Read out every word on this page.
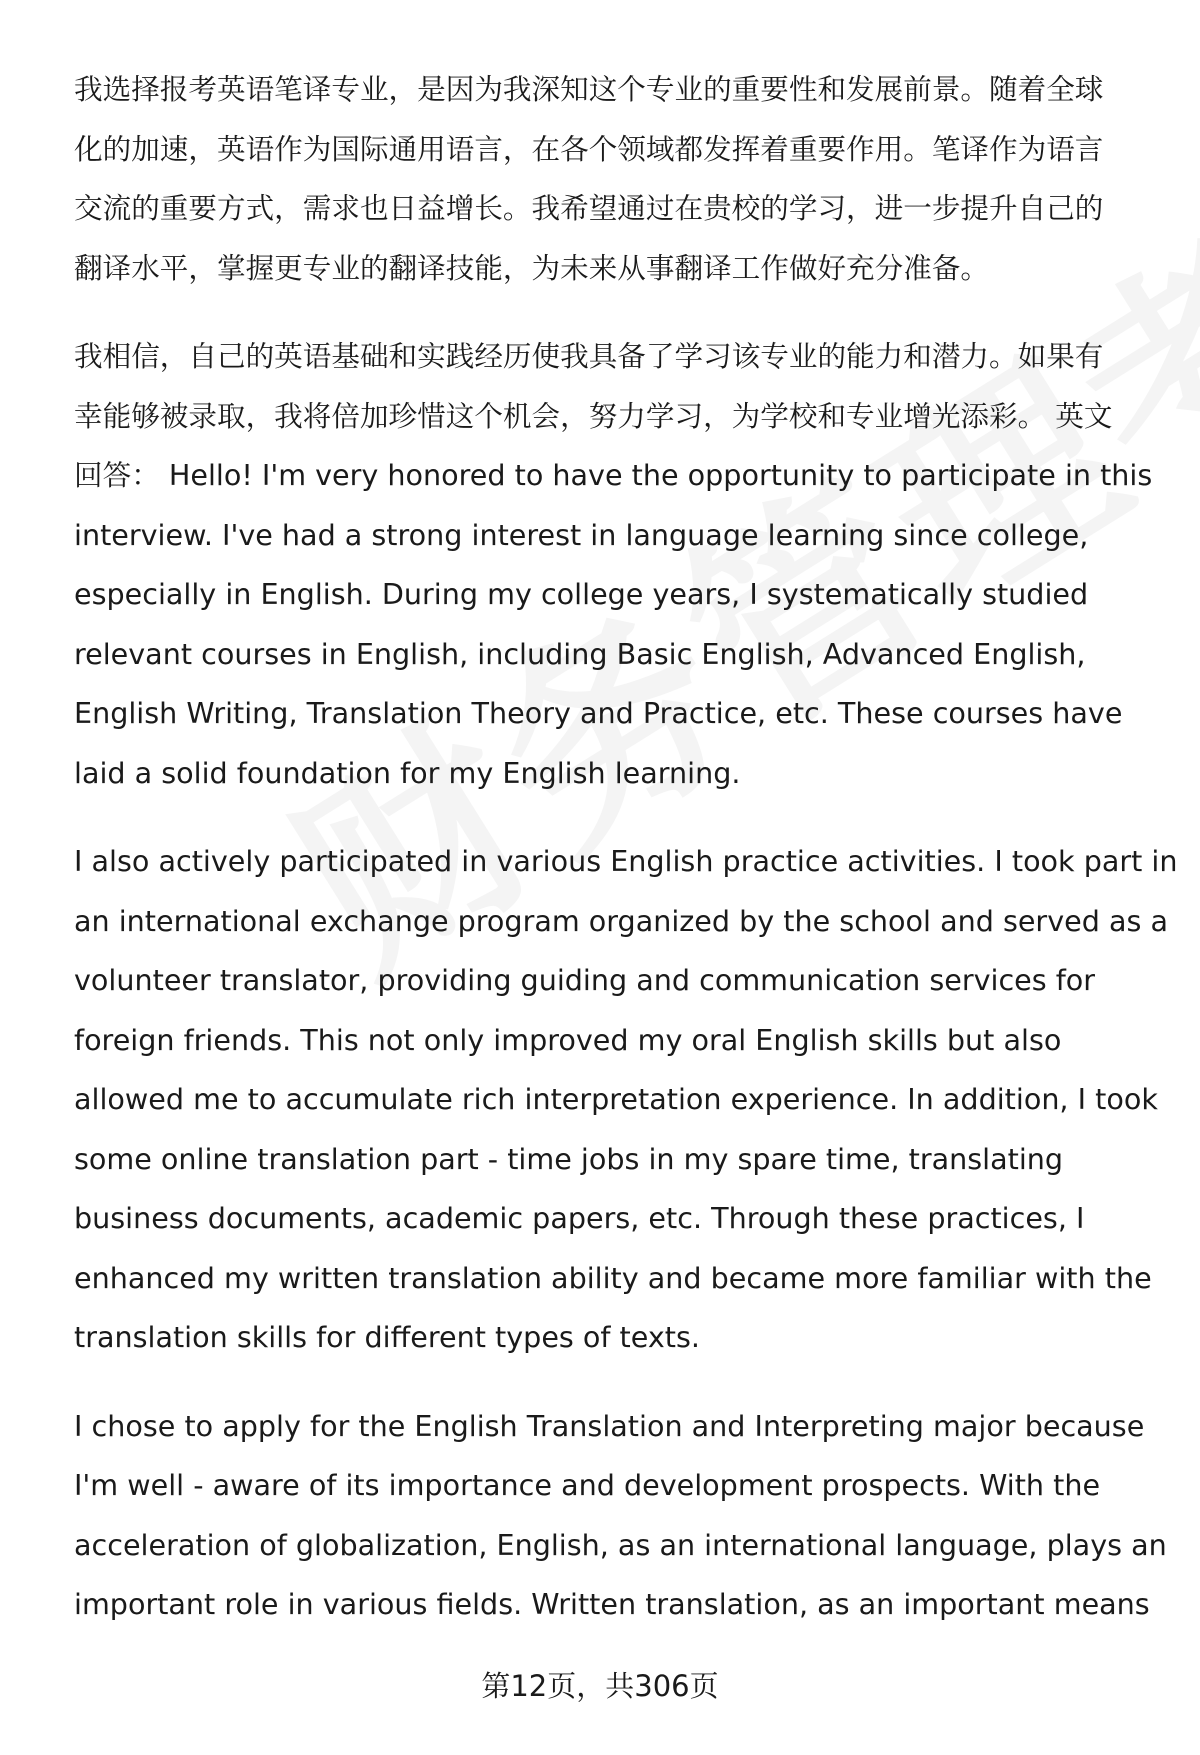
我选择报考英语笔译专业，是因为我深知这个专业的重要性和发展前景。随着全球
化的加速，英语作为国际通用语言，在各个领域都发挥着重要作用。笔译作为语言
交流的重要方式，需求也日益增长。我希望通过在贵校的学习，进一步提升自己的
翻译水平，掌握更专业的翻译技能，为未来从事翻译工作做好充分准备。

我相信，自己的英语基础和实践经历使我具备了学习该专业的能力和潜力。如果有
幸能够被录取，我将倍加珍惜这个机会，努力学习，为学校和专业增光添彩。 英文
回答： Hello! I'm very honored to have the opportunity to participate in this
interview. I've had a strong interest in language learning since college,
especially in English. During my college years, I systematically studied
relevant courses in English, including Basic English, Advanced English,
English Writing, Translation Theory and Practice, etc. These courses have
laid a solid foundation for my English learning.

I also actively participated in various English practice activities. I took part in
an international exchange program organized by the school and served as a
volunteer translator, providing guiding and communication services for
foreign friends. This not only improved my oral English skills but also
allowed me to accumulate rich interpretation experience. In addition, I took
some online translation part - time jobs in my spare time, translating
business documents, academic papers, etc. Through these practices, I
enhanced my written translation ability and became more familiar with the
translation skills for different types of texts.

I chose to apply for the English Translation and Interpreting major because
I'm well - aware of its importance and development prospects. With the
acceleration of globalization, English, as an international language, plays an
important role in various fields. Written translation, as an important means

第12页，共306页
